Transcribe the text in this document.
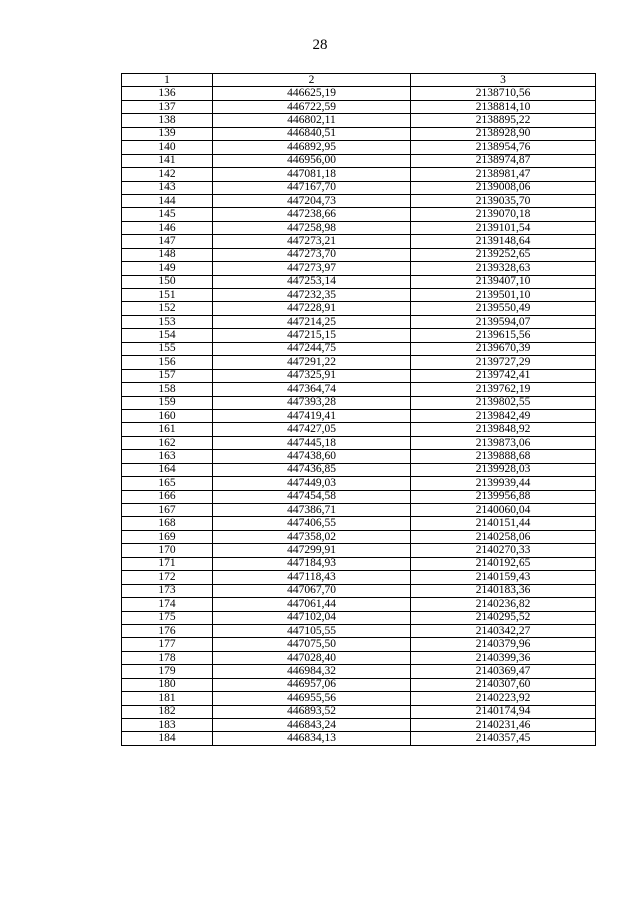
28
1	2	3
136	446625,19	2138710,56
137	446722,59	2138814,10
138	446802,11	2138895,22
139	446840,51	2138928,90
140	446892,95	2138954,76
141	446956,00	2138974,87
142	447081,18	2138981,47
143	447167,70	2139008,06
144	447204,73	2139035,70
145	447238,66	2139070,18
146	447258,98	2139101,54
147	447273,21	2139148,64
148	447273,70	2139252,65
149	447273,97	2139328,63
150	447253,14	2139407,10
151	447232,35	2139501,10
152	447228,91	2139550,49
153	447214,25	2139594,07
154	447215,15	2139615,56
155	447244,75	2139670,39
156	447291,22	2139727,29
157	447325,91	2139742,41
158	447364,74	2139762,19
159	447393,28	2139802,55
160	447419,41	2139842,49
161	447427,05	2139848,92
162	447445,18	2139873,06
163	447438,60	2139888,68
164	447436,85	2139928,03
165	447449,03	2139939,44
166	447454,58	2139956,88
167	447386,71	2140060,04
168	447406,55	2140151,44
169	447358,02	2140258,06
170	447299,91	2140270,33
171	447184,93	2140192,65
172	447118,43	2140159,43
173	447067,70	2140183,36
174	447061,44	2140236,82
175	447102,04	2140295,52
176	447105,55	2140342,27
177	447075,50	2140379,96
178	447028,40	2140399,36
179	446984,32	2140369,47
180	446957,06	2140307,60
181	446955,56	2140223,92
182	446893,52	2140174,94
183	446843,24	2140231,46
184	446834,13	2140357,45
